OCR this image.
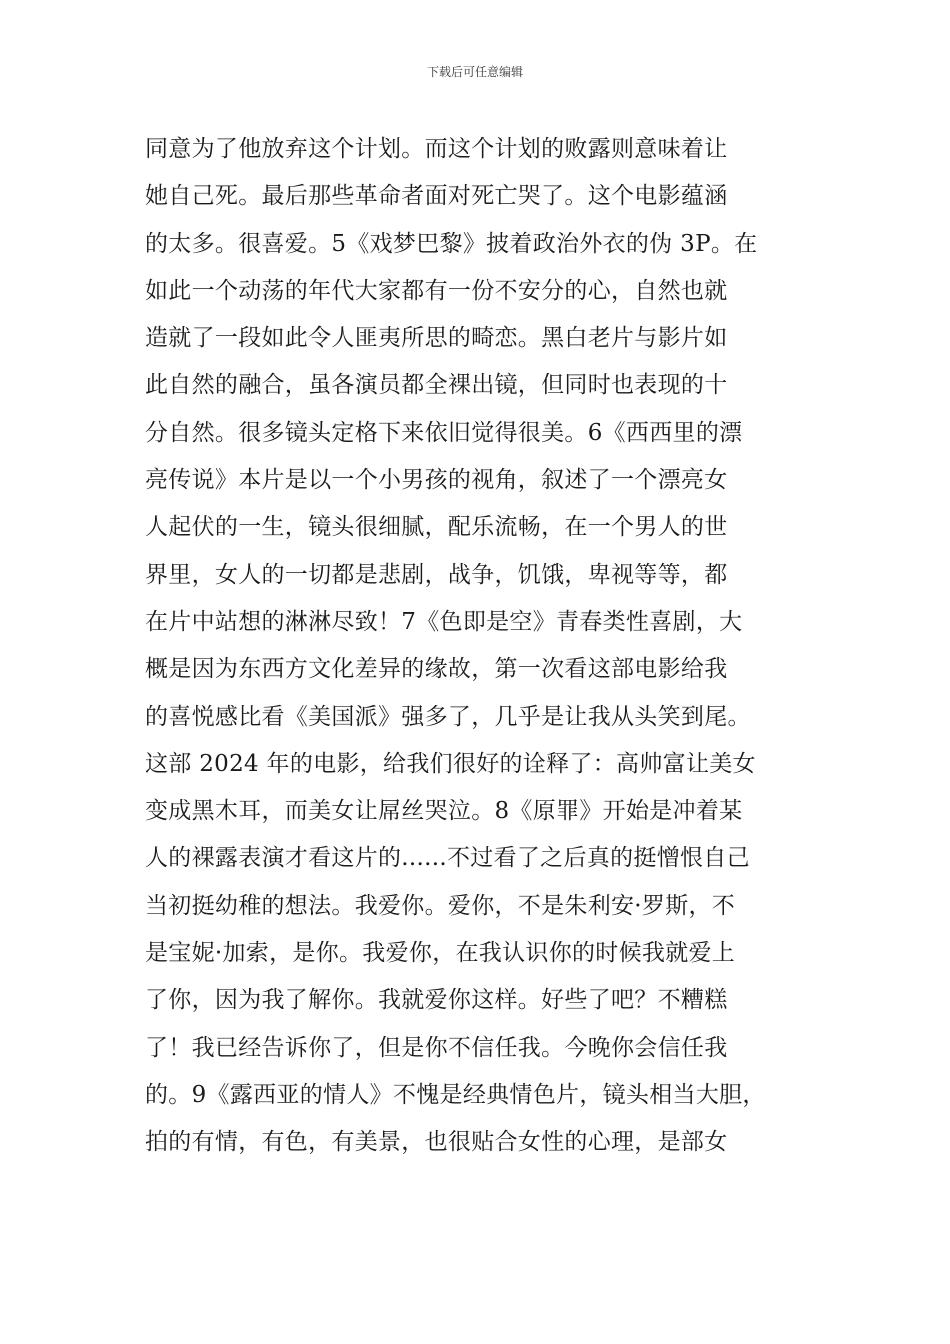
下载后可任意编辑
同意为了他放弃这个计划。而这个计划的败露则意味着让
她自己死。最后那些革命者面对死亡哭了。这个电影蕴涵
的太多。很喜爱。5《戏梦巴黎》披着政治外衣的伪 3P。在
如此一个动荡的年代大家都有一份不安分的心，自然也就
造就了一段如此令人匪夷所思的畸恋。黑白老片与影片如
此自然的融合，虽各演员都全裸出镜，但同时也表现的十
分自然。很多镜头定格下来依旧觉得很美。6《西西里的漂
亮传说》本片是以一个小男孩的视角，叙述了一个漂亮女
人起伏的一生，镜头很细腻，配乐流畅，在一个男人的世
界里，女人的一切都是悲剧，战争，饥饿，卑视等等，都
在片中站想的淋淋尽致！7《色即是空》青春类性喜剧，大
概是因为东西方文化差异的缘故，第一次看这部电影给我
的喜悦感比看《美国派》强多了，几乎是让我从头笑到尾。
这部 2024 年的电影，给我们很好的诠释了：高帅富让美女
变成黑木耳，而美女让屌丝哭泣。8《原罪》开始是冲着某
人的裸露表演才看这片的......不过看了之后真的挺憎恨自己
当初挺幼稚的想法。我爱你。爱你，不是朱利安·罗斯，不
是宝妮·加索，是你。我爱你，在我认识你的时候我就爱上
了你，因为我了解你。我就爱你这样。好些了吧？不糟糕
了！我已经告诉你了，但是你不信任我。今晚你会信任我
的。9《露西亚的情人》不愧是经典情色片，镜头相当大胆，
拍的有情，有色，有美景，也很贴合女性的心理，是部女
